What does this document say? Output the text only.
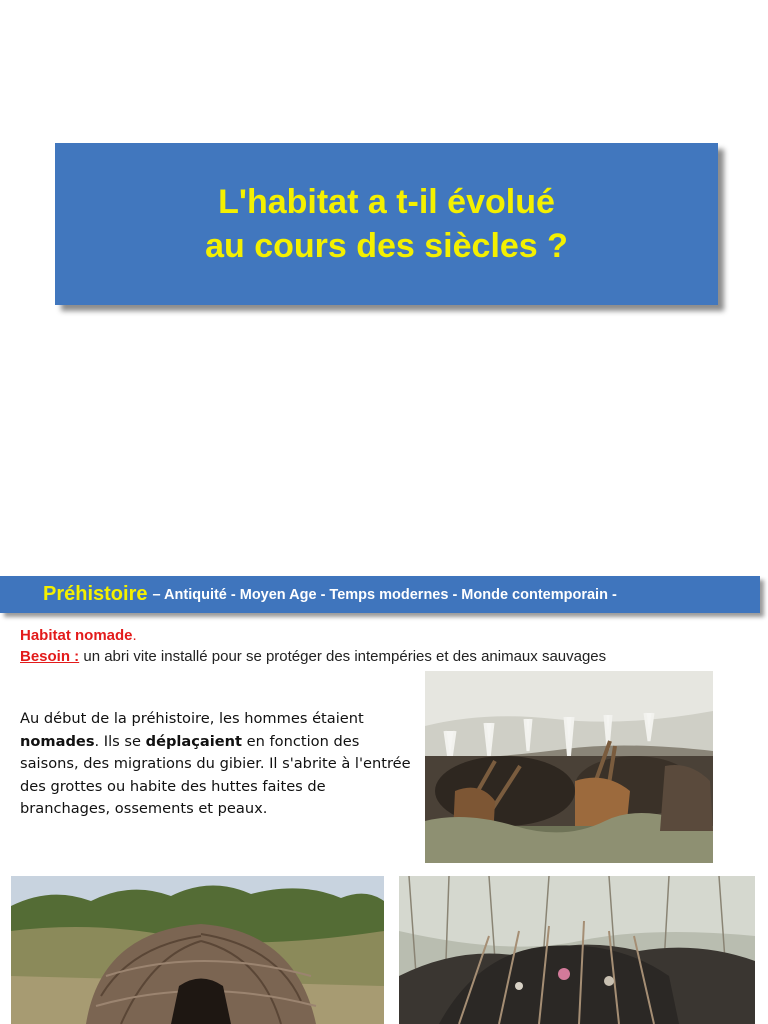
L'habitat a t-il évolué
au cours des siècles ?
Préhistoire – Antiquité - Moyen Age - Temps modernes - Monde contemporain -
Habitat nomade.
Besoin : un abri vite installé pour se protéger des intempéries et des animaux sauvages
Au début de la préhistoire, les hommes étaient nomades. Ils se déplaçaient en fonction des saisons, des migrations du gibier. Il s'abrite à l'entrée des grottes ou habite des huttes faites de branchages, ossements et peaux.
